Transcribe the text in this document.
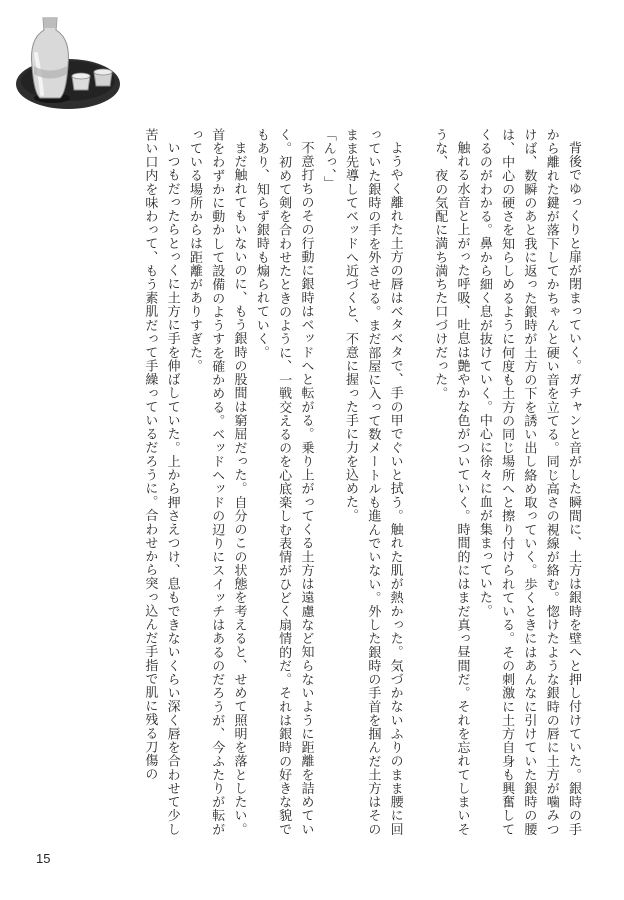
背後でゆっくりと扉が閉まっていく。ガチャンと音がした瞬間に、土方は銀時を壁へと押し付けていた。銀時の手から離れた鍵が落下してかちゃんと硬い音を立てる。同じ高さの視線が絡む。惚けたような銀時の唇に土方が噛みつけば、数瞬のあと我に返った銀時が土方の下を誘い出し絡め取っていく。歩くときにはあんなに引けていた銀時の腰は、中心の硬さを知らしめるように何度も土方の同じ場所へと擦り付けられている。その刺激に土方自身も興奮してくるのがわかる。鼻から細く息が抜けていく。中心に徐々に血が集まっていた。

触れる水音と上がった呼吸、吐息は艶やかな色がついていく。時間的にはまだ真っ昼間だ。それを忘れてしまいそうな、夜の気配に満ち満ちた口づけだった。

ようやく離れた土方の唇はベタベタで、手の甲でぐいと拭う。触れた肌が熱かった。気づかないふりのまま腰に回っていた銀時の手を外させる。まだ部屋に入って数メートルも進んでいない。外した銀時の手首を掴んだ土方はそのまま先導してベッドへ近づくと、不意に握った手に力を込めた。

「んっ、」

不意打ちのその行動に銀時はベッドへと転がる。乗り上がってくる土方は遠慮など知らないように距離を詰めていく。初めて剣を合わせたときのように、一戦交えるのを心底楽しむ表情がひどく扇情的だ。それは銀時の好きな貌でもあり、知らず銀時も煽られていく。

まだ触れてもいないのに、もう銀時の股間は窮屈だった。自分のこの状態を考えると、せめて照明を落としたい。首をわずかに動かして設備のようすを確かめる。ベッドヘッドの辺りにスイッチはあるのだろうが、今ふたりが転がっている場所からは距離がありすぎた。

いつもだったらとっくに土方に手を伸ばしていた。上から押さえつけ、息もできないくらい深く唇を合わせて少し苦い口内を味わって、もう素肌だって手繰っているだろうに。合わせから突っ込んだ手指で肌に残る刀傷の

15
